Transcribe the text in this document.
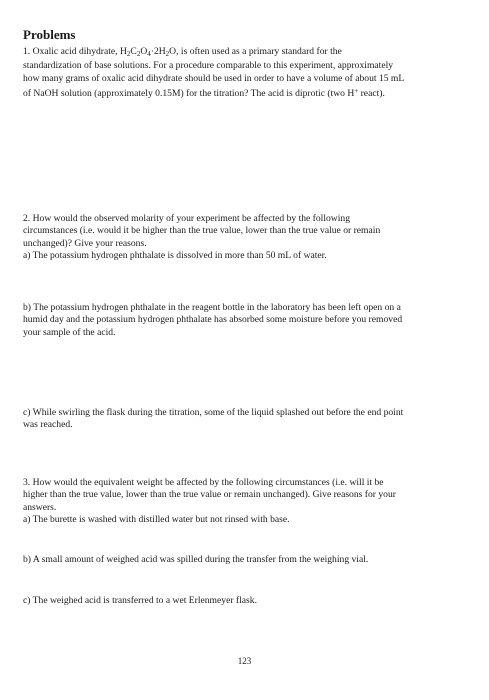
Problems
1. Oxalic acid dihydrate, $H_2C_2O_4\cdot 2H_2O$, is often used as a primary standard for the
standardization of base solutions. For a procedure comparable to this experiment, approximately
how many grams of oxalic acid dihydrate should be used in order to have a volume of about 15 mL
of NaOH solution (approximately 0.15M) for the titration? The acid is diprotic (two H+ react).
2. How would the observed molarity of your experiment be affected by the following
circumstances (i.e. would it be higher than the true value, lower than the true value or remain
unchanged)? Give your reasons.
a) The potassium hydrogen phthalate is dissolved in more than 50 mL of water.
b) The potassium hydrogen phthalate in the reagent bottle in the laboratory has been left open on a
humid day and the potassium hydrogen phthalate has absorbed some moisture before you removed
your sample of the acid.
c) While swirling the flask during the titration, some of the liquid splashed out before the end point
was reached.
3. How would the equivalent weight be affected by the following circumstances (i.e. will it be
higher than the true value, lower than the true value or remain unchanged). Give reasons for your
answers.
a) The burette is washed with distilled water but not rinsed with base.
b) A small amount of weighed acid was spilled during the transfer from the weighing vial.
c) The weighed acid is transferred to a wet Erlenmeyer flask.
123
